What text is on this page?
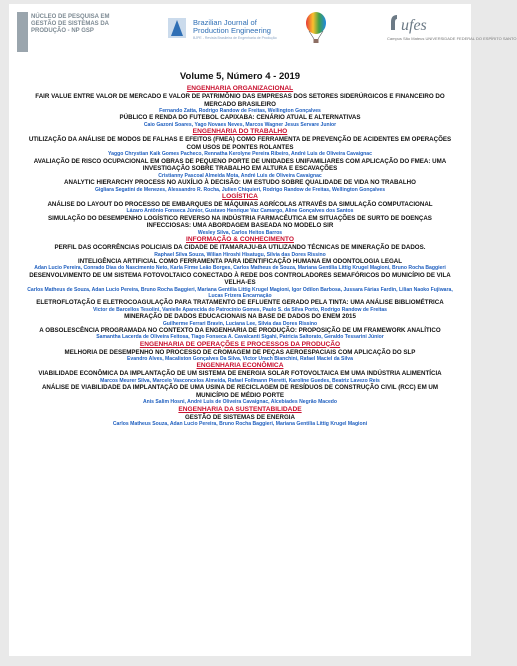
NÚCLEO DE PESQUISA EM GESTÃO DE SISTEMAS DA PRODUÇÃO - NP GSP
Brazilian Journal of Production Engineering
BJPE - Revista Brasileira de Engenharia de Produção
ufes
Campus São Mateus UNIVERSIDADE FEDERAL DO ESPÍRITO SANTO
Volume 5, Número 4 - 2019
ENGENHARIA ORGANIZACIONAL
FAIR VALUE ENTRE VALOR DE MERCADO E VALOR DE PATRIMÔNIO DAS EMPRESAS DOS SETORES SIDERÚRGICOS E FINANCEIRO DO MERCADO BRASILEIRO
Fernando Zatta, Rodrigo Randow de Freitas, Wellington Gonçalves
PÚBLICO E RENDA DO FUTEBOL CAPIXABA: CENÁRIO ATUAL E ALTERNATIVAS
Caio Gazoni Soares, Yago Novaes Neves, Marcos Wagner Jesus Servare Junior
ENGENHARIA DO TRABALHO
UTILIZAÇÃO DA ANÁLISE DE MODOS DE FALHAS E EFEITOS (FMEA) COMO FERRAMENTA DE PREVENÇÃO DE ACIDENTES EM OPERAÇÕES COM USOS DE PONTES ROLANTES
Yaggo Chrystian Kaik Gomes Pacheco, Rennatha Kerolyne Pereira Ribeiro, André Luis de Oliveira Cavaignac
AVALIAÇÃO DE RISCO OCUPACIONAL EM OBRAS DE PEQUENO PORTE DE UNIDADES UNIFAMILIARES COM APLICAÇÃO DO FMEA: UMA INVESTIGAÇÃO SOBRE TRABALHO EM ALTURA E ESCAVAÇÕES
Cristianny Pascoal Almeida Mota, André Luis de Oliveira Cavaignac
ANALYTIC HIERARCHY PROCESS NO AUXÍLIO À DECISÃO: UM ESTUDO SOBRE QUALIDADE DE VIDA NO TRABALHO
Gigliara Segatini de Menezes, Alessandro R. Rocha, Julien Chiquieri, Rodrigo Randow de Freitas, Wellington Gonçalves
LOGÍSTICA
ANÁLISE DO LAYOUT DO PROCESSO DE EMBARQUES DE MÁQUINAS AGRÍCOLAS ATRAVÉS DA SIMULAÇÃO COMPUTACIONAL
Lázaro Antônio Fonseca Júnior, Gustavo Henrique Vaz Camargo, Aline Gonçalves dos Santos
SIMULAÇÃO DO DESEMPENHO LOGÍSTICO REVERSO NA INDÚSTRIA FARMACÊUTICA EM SITUAÇÕES DE SURTO DE DOENÇAS INFECCIOSAS: UMA ABORDAGEM BASEADA NO MODELO SIR
Wesley Silva, Carlos Heitos Barros
INFORMAÇÃO & CONHECIMENTO
PERFIL DAS OCORRÊNCIAS POLICIAIS DA CIDADE DE ITAMARAJU-BA UTILIZANDO TÉCNICAS DE MINERAÇÃO DE DADOS.
Raphael Silva Souza, Wilian Hiroshi Hisatugu, Silvia das Dores Rissino
INTELIGÊNCIA ARTIFICIAL COMO FERRAMENTA PARA IDENTIFICAÇÃO HUMANA EM ODONTOLOGIA LEGAL
Adan Lucio Pereira, Conrado Dias do Nascimento Neto, Karla Firme Leão Borges, Carlos Matheus de Souza, Mariana Gentilia Littig Krugel Magioni, Bruno Rocha Baggieri
DESENVOLVIMENTO DE UM SISTEMA FOTOVOLTAICO CONECTADO À REDE DOS CONTROLADORES SEMAFÓRICOS DO MUNICÍPIO DE VILA VELHA-ES
Carlos Matheus de Souza, Adan Lucio Pereira, Bruno Rocha Baggieri, Mariana Gentilia Littig Krugel Magioni, Igor Odilon Barbosa, Jussara Fárias Fardin, Lilian Naoko Fujiwara, Lucas Frizera Encarnação
ELETROFLOTAÇÃO E ELETROCOAGULAÇÃO PARA TRATAMENTO DE EFLUENTE GERADO PELA TINTA: UMA ANÁLISE BIBLIOMÉTRICA
Victor de Barcellos Tesolini, Vanielle Aparecida do Patrocínio Gomes, Paulo S. da Silva Porto, Rodrigo Randow de Freitas
MINERAÇÃO DE DADOS EDUCACIONAIS NA BASE DE DADOS DO ENEM 2015
Guilherme Ferrari Bravin, Luciana Lee, Silvia das Dores Rissino
A OBSOLESCÊNCIA PROGRAMADA NO CONTEXTO DA ENGENHARIA DE PRODUÇÃO: PROPOSIÇÃO DE UM FRAMEWORK ANALÍTICO
Samantha Lacerda de Oliveira Feitosa, Tiago Fonseca A. Cavalcanti Sigahi, Patricia Saltorato, Geraldo Tessarini Júnior
ENGENHARIA DE OPERAÇÕES E PROCESSOS DA PRODUÇÃO
MELHORIA DE DESEMPENHO NO PROCESSO DE CROMAGEM DE PEÇAS AEROESPACIAIS COM APLICAÇÃO DO SLP
Evandro Alves, Macaliston Gonçalves Da Silva, Victor Urach Bianchini, Rafael Maciel da Silva
ENGENHARIA ECONÔMICA
VIABILIDADE ECONÔMICA DA IMPLANTAÇÃO DE UM SISTEMA DE ENERGIA SOLAR FOTOVOLTAICA EM UMA INDÚSTRIA ALIMENTÍCIA
Marcos Meurer Silva, Marcelo Vasconcelos Almeida, Rafael Follmann Pieretti, Karoline Guedes, Beatriz Lavezo Reis
ANÁLISE DE VIABILIDADE DA IMPLANTAÇÃO DE UMA USINA DE RECICLAGEM DE RESÍDUOS DE CONSTRUÇÃO CIVIL (RCC) EM UM MUNICÍPIO DE MÉDIO PORTE
Anis Salim Hosni, André Luis de Oliveira Cavaignac, Alcebíades Negrão Macedo
ENGENHARIA DA SUSTENTABILIDADE
GESTÃO DE SISTEMAS DE ENERGIA
Carlos Matheus Souza, Adan Lucio Pereira, Bruno Rocha Baggieri, Mariana Gentilia Littig Krugel Magioni
